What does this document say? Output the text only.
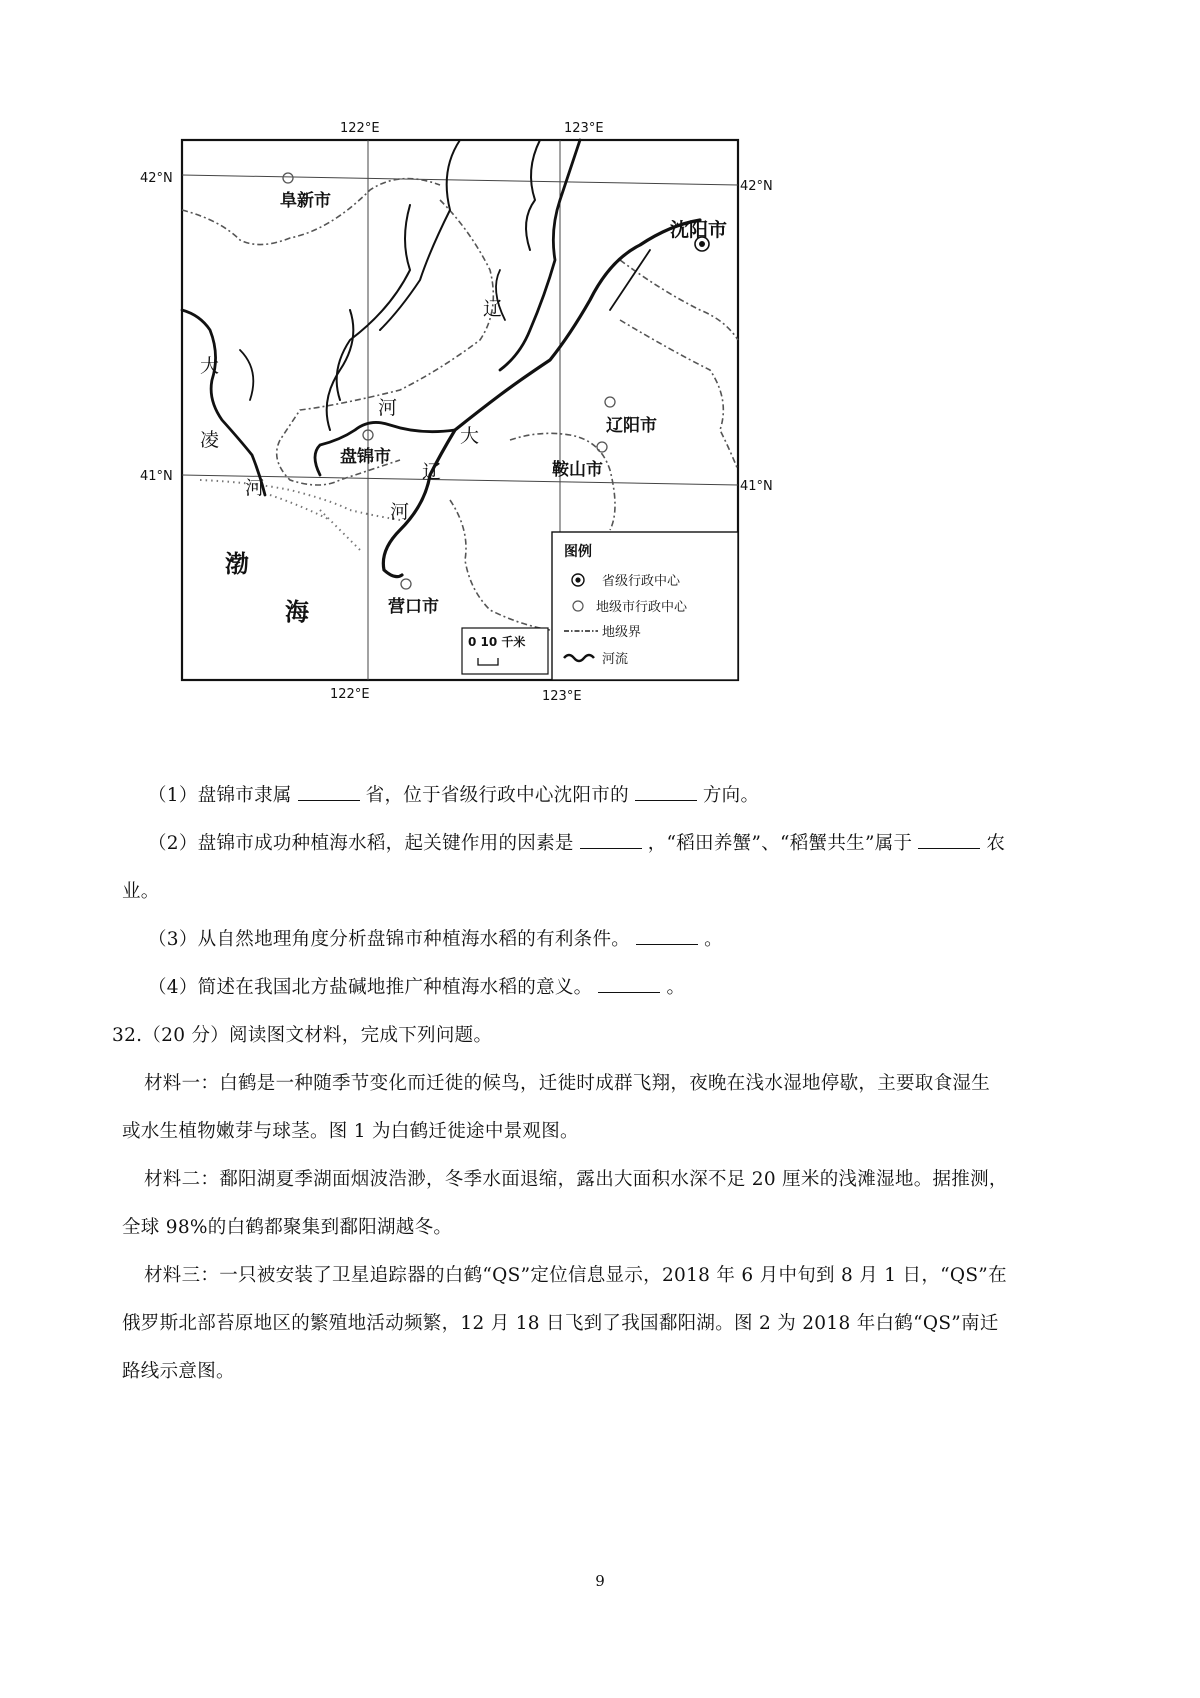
122°E	123°E
122°E	123°E
42°N
41°N
42°N
41°N
阜新市
沈阳市
辽阳市
盘锦市
鞍山市
营口市
辽
河
大
辽
河
大
凌
河
渤
海
0 10 千米
图例
省级行政中心
地级市行政中心
地级界
河流
（1）盘锦市隶属	省，位于省级行政中心沈阳市的	方向。
（2）盘锦市成功种植海水稻，起关键作用的因素是	，“稻田养蟹”、“稻蟹共生”属于	农
业。
（3）从自然地理角度分析盘锦市种植海水稻的有利条件。	。
（4）简述在我国北方盐碱地推广种植海水稻的意义。	。
32.（20 分）阅读图文材料，完成下列问题。
材料一：白鹤是一种随季节变化而迁徙的候鸟，迁徙时成群飞翔，夜晚在浅水湿地停歇，主要取食湿生
或水生植物嫩芽与球茎。图 1 为白鹤迁徙途中景观图。
材料二：鄱阳湖夏季湖面烟波浩渺，冬季水面退缩，露出大面积水深不足 20 厘米的浅滩湿地。据推测，
全球 98%的白鹤都聚集到鄱阳湖越冬。
材料三：一只被安装了卫星追踪器的白鹤“QS”定位信息显示，2018 年 6 月中旬到 8 月 1 日，“QS”在
俄罗斯北部苔原地区的繁殖地活动频繁，12 月 18 日飞到了我国鄱阳湖。图 2 为 2018 年白鹤“QS”南迁
路线示意图。
9
